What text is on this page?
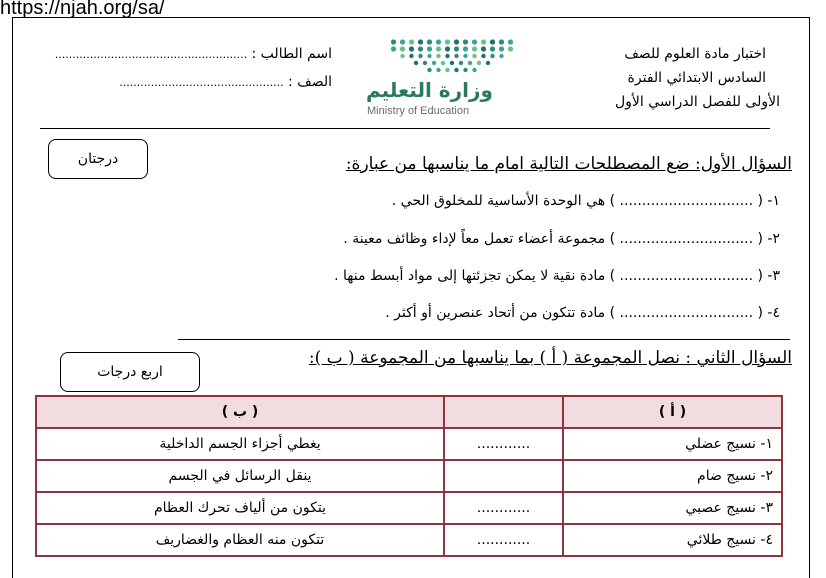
https://njah.org/sa/
اختبار مادة العلوم للصف
السادس الابتدائي الفترة
الأولى للفصل الدراسي الأول
وزارة التعليم
Ministry of Education
اسم الطالب : .......................................................
الصف : ...............................................
درجتان	السؤال الأول: ضع المصطلحات التالية امام ما يناسبها من عبارة:
١- ( .............................. ) هي الوحدة الأساسية للمخلوق الحي .
٢- ( .............................. ) مجموعة أعضاء تعمل معاً لإداء وظائف معينة .
٣- ( .............................. ) مادة نقية لا يمكن تجزئتها إلى مواد أبسط منها .
٤- ( .............................. ) مادة تتكون من أتحاد عنصرين أو أكثر .
اربع درجات
السؤال الثاني : نصل المجموعة ( أ ) بما يناسبها من المجموعة ( ب ):
( أ )		( ب )
١- نسيج عضلي	............	يغطي أجزاء الجسم الداخلية
٢- نسيج ضام		ينقل الرسائل في الجسم
٣- نسيج عصبي	............	يتكون من ألياف تحرك العظام
٤- نسيج طلائي	............	تتكون منه العظام والغضاريف
